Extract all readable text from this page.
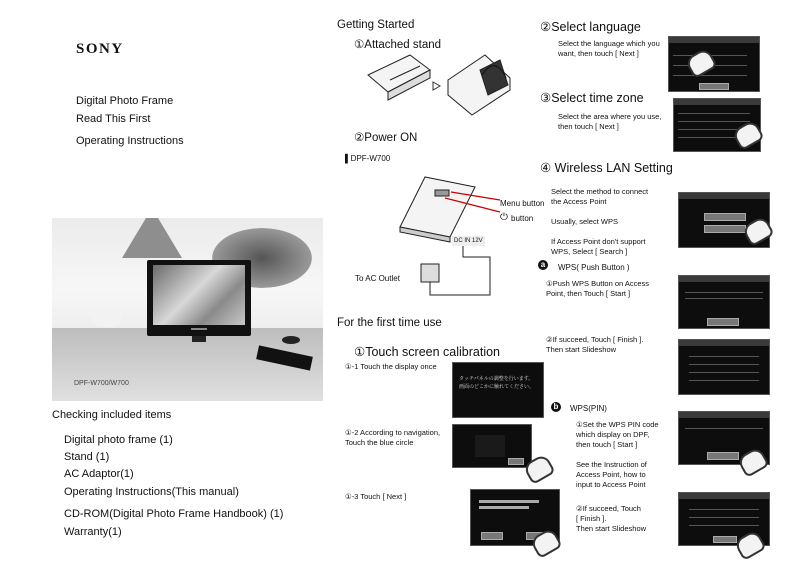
SONY
Digital Photo Frame
Read This First
Operating Instructions
DPF-W700/W700
Checking included items
Digital photo frame (1)
Stand (1)
AC Adaptor(1)
Operating Instructions(This manual)
CD-ROM(Digital Photo Frame Handbook) (1)
Warranty(1)
Getting Started
①Attached stand
②Power ON
▌DPF-W700
DC IN 12V
Menu button
⏻ button
To AC Outlet
For the first time use
①Touch screen calibration
①-1 Touch the display once
タッチパネルの調整を行います。
画面のどこかに触れてください。
①-2 According to navigation,
Touch the blue circle
①-3 Touch [ Next ]
②Select language
Select the language which you
want, then touch [ Next ]
③Select time zone
Select the area where you use,
then touch [ Next ]
④ Wireless LAN Setting
Select the method to connect
the Access Point
Usually, select WPS
If Access Point don't support
WPS, Select [ Search ]
a	WPS( Push Button )
①Push WPS Button on Access
Point, then Touch [ Start ]
②If succeed, Touch [ Finish ].
Then start Slideshow
b	WPS(PIN)
①Set the WPS PIN code
which display on DPF,
then touch [ Start ]
See the Instruction of
Access Point, how to
input to Access Point
②If succeed, Touch
[ Finish ].
Then start Slideshow
